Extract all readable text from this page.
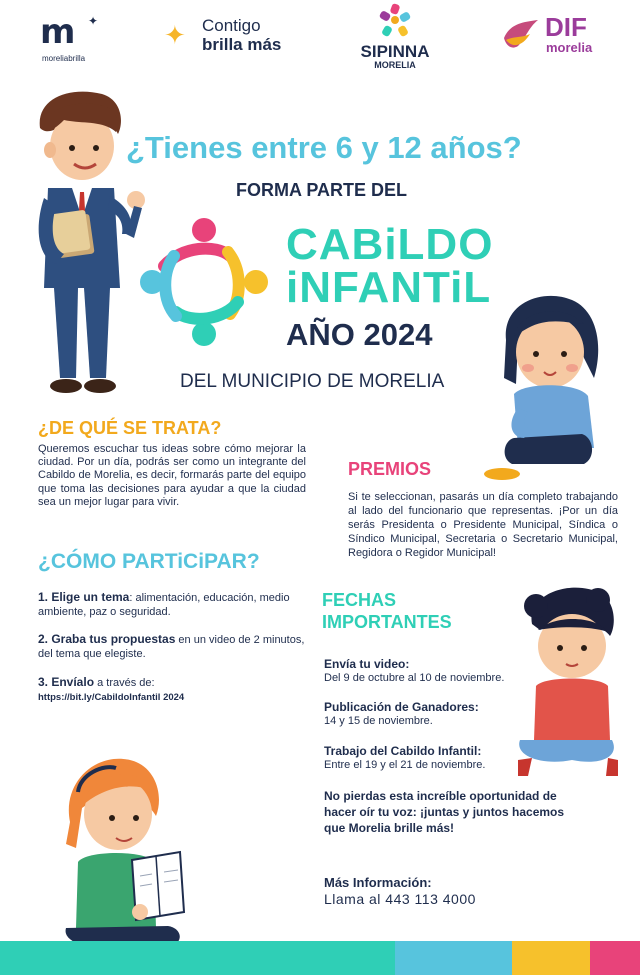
m ✦
moreliabrilla
✦ Contigo
brilla más	SIPINNA
MORELIA
DIF
morelia
¿Tienes entre 6 y 12 años?
FORMA PARTE DEL
CABiLDO
iNFANTiL
AÑO 2024
DEL MUNICIPIO DE MORELIA
¿DE QUÉ SE TRATA?
Queremos escuchar tus ideas sobre cómo mejorar la ciudad. Por un día, podrás ser como un integrante del Cabildo de Morelia, es decir, formarás parte del equipo que toma las decisiones para ayudar a que la ciudad sea un mejor lugar para vivir.
PREMIOS
Si te seleccionan, pasarás un día completo trabajando al lado del funcionario que representas. ¡Por un día serás Presidenta o Presidente Municipal, Síndica o Síndico Municipal, Secretaria o Secretario Municipal, Regidora o Regidor Municipal!
¿CÓMO PARTiCiPAR?
1. Elige un tema: alimentación, educación, medio ambiente, paz o seguridad.
2. Graba tus propuestas en un video de 2 minutos, del tema que elegiste.
3. Envíalo a través de:
https://bit.ly/CabildoInfantil 2024
FECHAS
IMPORTANTES
Envía tu video:
Del 9 de octubre al 10 de noviembre.
Publicación de Ganadores:
14 y 15 de noviembre.
Trabajo del Cabildo Infantil:
Entre el 19 y el 21 de noviembre.
No pierdas esta increíble oportunidad de hacer oír tu voz: ¡juntas y juntos hacemos que Morelia brille más!
Más Información:
Llama al 443 113 4000
